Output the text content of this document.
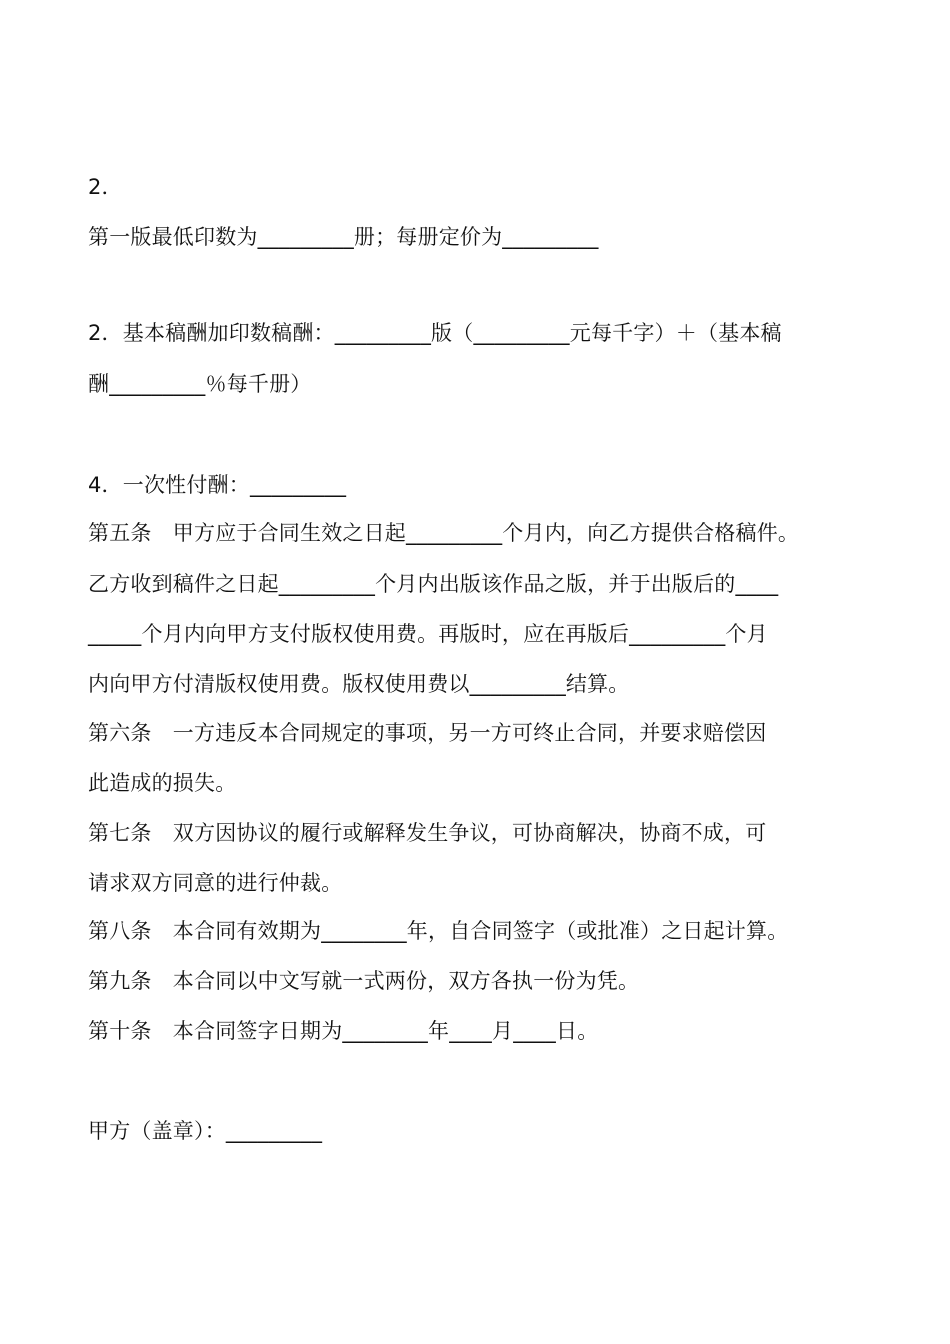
2．
第一版最低印数为_________册；每册定价为_________
2．基本稿酬加印数稿酬：_________版（_________元每千字）＋（基本稿
酬_________％每千册）
4．一次性付酬：_________
第五条　甲方应于合同生效之日起_________个月内，向乙方提供合格稿件。
乙方收到稿件之日起_________个月内出版该作品之版，并于出版后的____
_____个月内向甲方支付版权使用费。再版时，应在再版后_________个月
内向甲方付清版权使用费。版权使用费以_________结算。
第六条　一方违反本合同规定的事项，另一方可终止合同，并要求赔偿因
此造成的损失。
第七条　双方因协议的履行或解释发生争议，可协商解决，协商不成，可
请求双方同意的进行仲裁。
第八条　本合同有效期为________年，自合同签字（或批准）之日起计算。
第九条　本合同以中文写就一式两份，双方各执一份为凭。
第十条　本合同签字日期为________年____月____日。
甲方（盖章）：_________
